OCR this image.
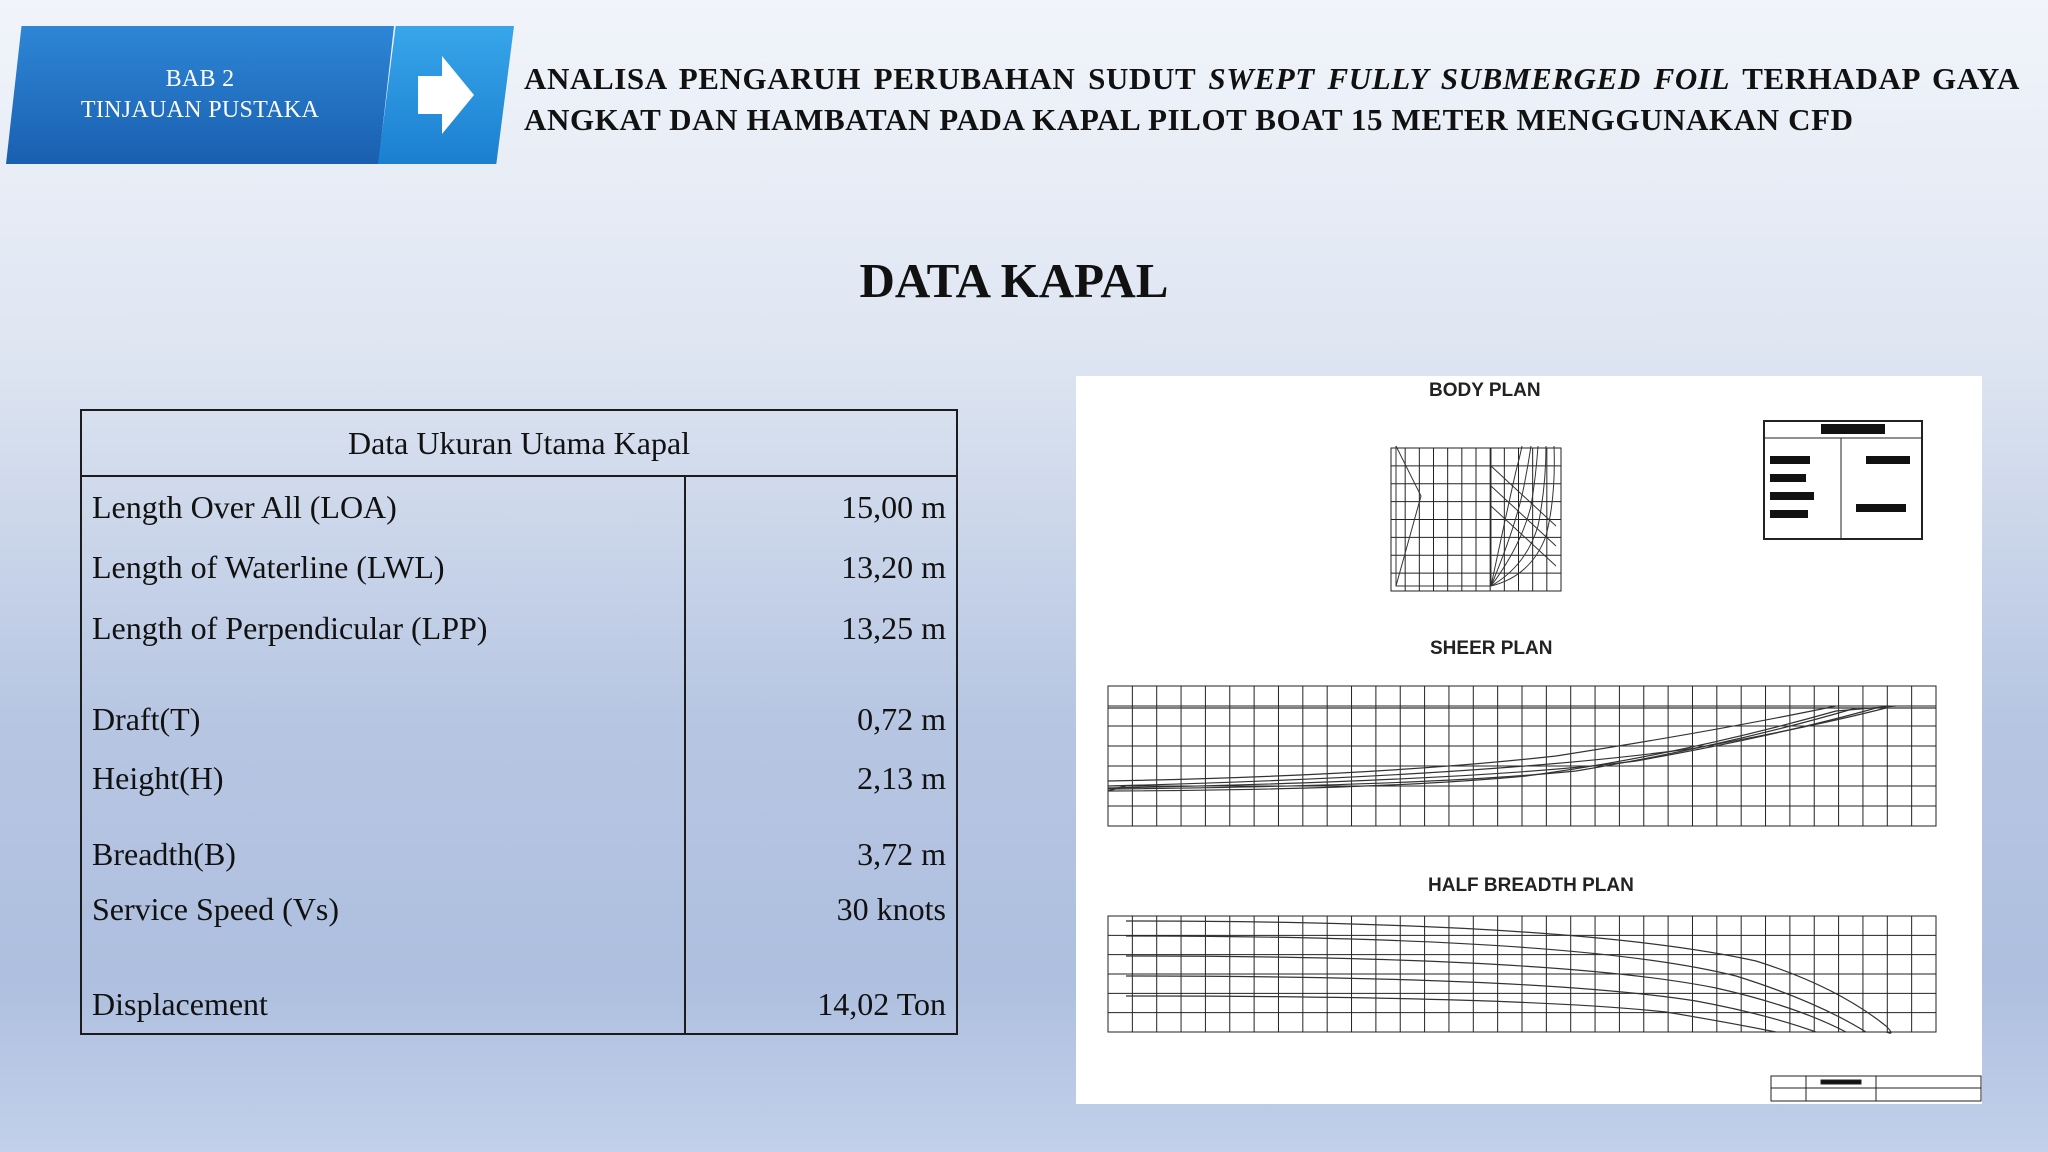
BAB 2
TINJAUAN PUSTAKA
ANALISA PENGARUH PERUBAHAN SUDUT SWEPT FULLY SUBMERGED FOIL TERHADAP GAYA ANGKAT DAN HAMBATAN PADA KAPAL PILOT BOAT 15 METER MENGGUNAKAN CFD
DATA KAPAL
Data Ukuran Utama Kapal	
Length Over All (LOA)	15,00 m
Length of Waterline (LWL)	13,20 m
Length of Perpendicular (LPP)	13,25 m
Draft(T)	0,72 m
Height(H)	2,13 m
Breadth(B)	3,72 m
Service Speed (Vs)	30 knots
Displacement	14,02 Ton
BODY PLAN
SHEER PLAN
HALF BREADTH PLAN
